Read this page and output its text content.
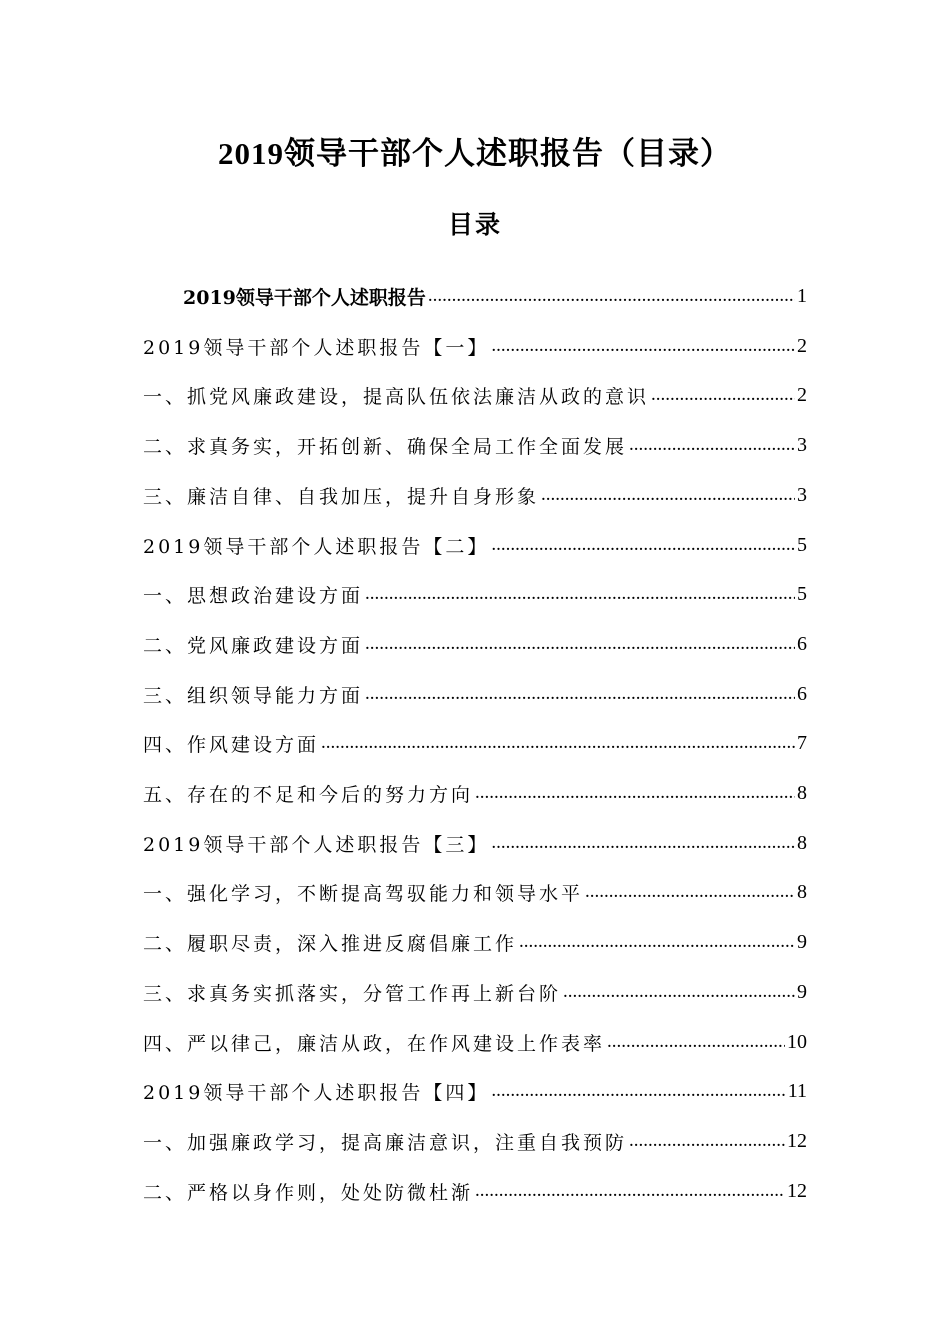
2019领导干部个人述职报告（目录）
目录
2019领导干部个人述职报告 .....	1
2019领导干部个人述职报告【一】 .....	2
一、抓党风廉政建设，提高队伍依法廉洁从政的意识 .....	2
二、求真务实，开拓创新、确保全局工作全面发展 .....	3
三、廉洁自律、自我加压，提升自身形象 .....	3
2019领导干部个人述职报告【二】 .....	5
一、思想政治建设方面 .....	5
二、党风廉政建设方面 .....	6
三、组织领导能力方面 .....	6
四、作风建设方面 .....	7
五、存在的不足和今后的努力方向 .....	8
2019领导干部个人述职报告【三】 .....	8
一、强化学习，不断提高驾驭能力和领导水平 .....	8
二、履职尽责，深入推进反腐倡廉工作 .....	9
三、求真务实抓落实，分管工作再上新台阶 .....	9
四、严以律己，廉洁从政，在作风建设上作表率 .....	10
2019领导干部个人述职报告【四】 .....	11
一、加强廉政学习，提高廉洁意识，注重自我预防 .....	12
二、严格以身作则，处处防微杜渐 .....	12
